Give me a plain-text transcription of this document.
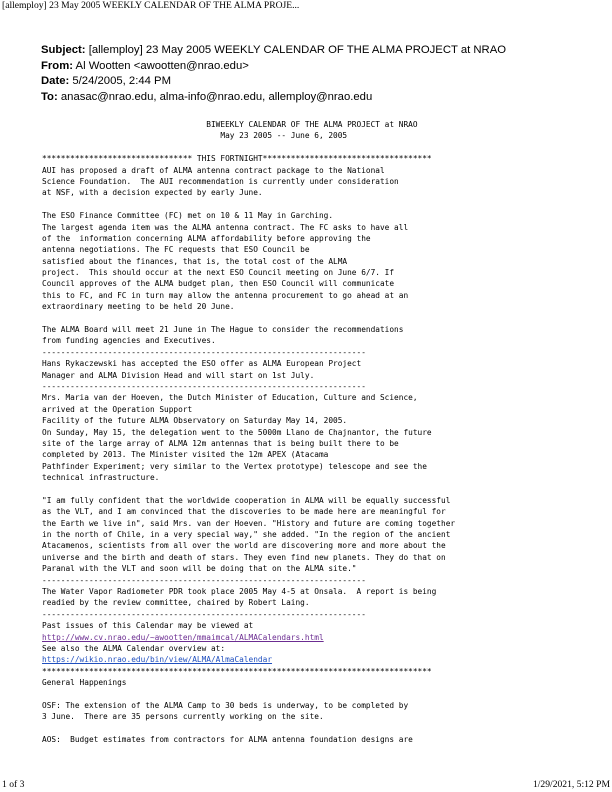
[allemploy] 23 May 2005 WEEKLY CALENDAR OF THE ALMA PROJE...
Subject: [allemploy] 23 May 2005 WEEKLY CALENDAR OF THE ALMA PROJECT at NRAO
From: Al Wootten <awootten@nrao.edu>
Date: 5/24/2005, 2:44 PM
To: anasac@nrao.edu, alma-info@nrao.edu, allemploy@nrao.edu
BIWEEKLY CALENDAR OF THE ALMA PROJECT at NRAO
May 23 2005 -- June 6, 2005
******************************** THIS FORTNIGHT************************************
AUI has proposed a draft of ALMA antenna contract package to the National
Science Foundation.  The AUI recommendation is currently under consideration
at NSF, with a decision expected by early June.
The ESO Finance Committee (FC) met on 10 & 11 May in Garching.
The largest agenda item was the ALMA antenna contract. The FC asks to have all
of the  information concerning ALMA affordability before approving the
antenna negotiations. The FC requests that ESO Council be
satisfied about the finances, that is, the total cost of the ALMA
project.  This should occur at the next ESO Council meeting on June 6/7. If
Council approves of the ALMA budget plan, then ESO Council will communicate
this to FC, and FC in turn may allow the antenna procurement to go ahead at an
extraordinary meeting to be held 20 June.
The ALMA Board will meet 21 June in The Hague to consider the recommendations
from funding agencies and Executives.
---------------------------------------------------------------------
Hans Rykaczewski has accepted the ESO offer as ALMA European Project
Manager and ALMA Division Head and will start on 1st July.
---------------------------------------------------------------------
Mrs. Maria van der Hoeven, the Dutch Minister of Education, Culture and Science,
arrived at the Operation Support
Facility of the future ALMA Observatory on Saturday May 14, 2005.
On Sunday, May 15, the delegation went to the 5000m Llano de Chajnantor, the future
site of the large array of ALMA 12m antennas that is being built there to be
completed by 2013. The Minister visited the 12m APEX (Atacama
Pathfinder Experiment; very similar to the Vertex prototype) telescope and see the
technical infrastructure.
"I am fully confident that the worldwide cooperation in ALMA will be equally successful
as the VLT, and I am convinced that the discoveries to be made here are meaningful for
the Earth we live in", said Mrs. van der Hoeven. "History and future are coming together
in the north of Chile, in a very special way," she added. "In the region of the ancient
Atacamenos, scientists from all over the world are discovering more and more about the
universe and the birth and death of stars. They even find new planets. They do that on
Paranal with the VLT and soon will be doing that on the ALMA site."
---------------------------------------------------------------------
The Water Vapor Radiometer PDR took place 2005 May 4-5 at Onsala.  A report is being
readied by the review committee, chaired by Robert Laing.
---------------------------------------------------------------------
Past issues of this Calendar may be viewed at
http://www.cv.nrao.edu/~awootten/mmaimcal/ALMACalendars.html
See also the ALMA Calendar overview at:
https://wikio.nrao.edu/bin/view/ALMA/AlmaCalendar
***********************************************************************************
General Happenings
OSF: The extension of the ALMA Camp to 30 beds is underway, to be completed by
3 June.  There are 35 persons currently working on the site.
AOS:  Budget estimates from contractors for ALMA antenna foundation designs are
1 of 3	1/29/2021, 5:12 PM
